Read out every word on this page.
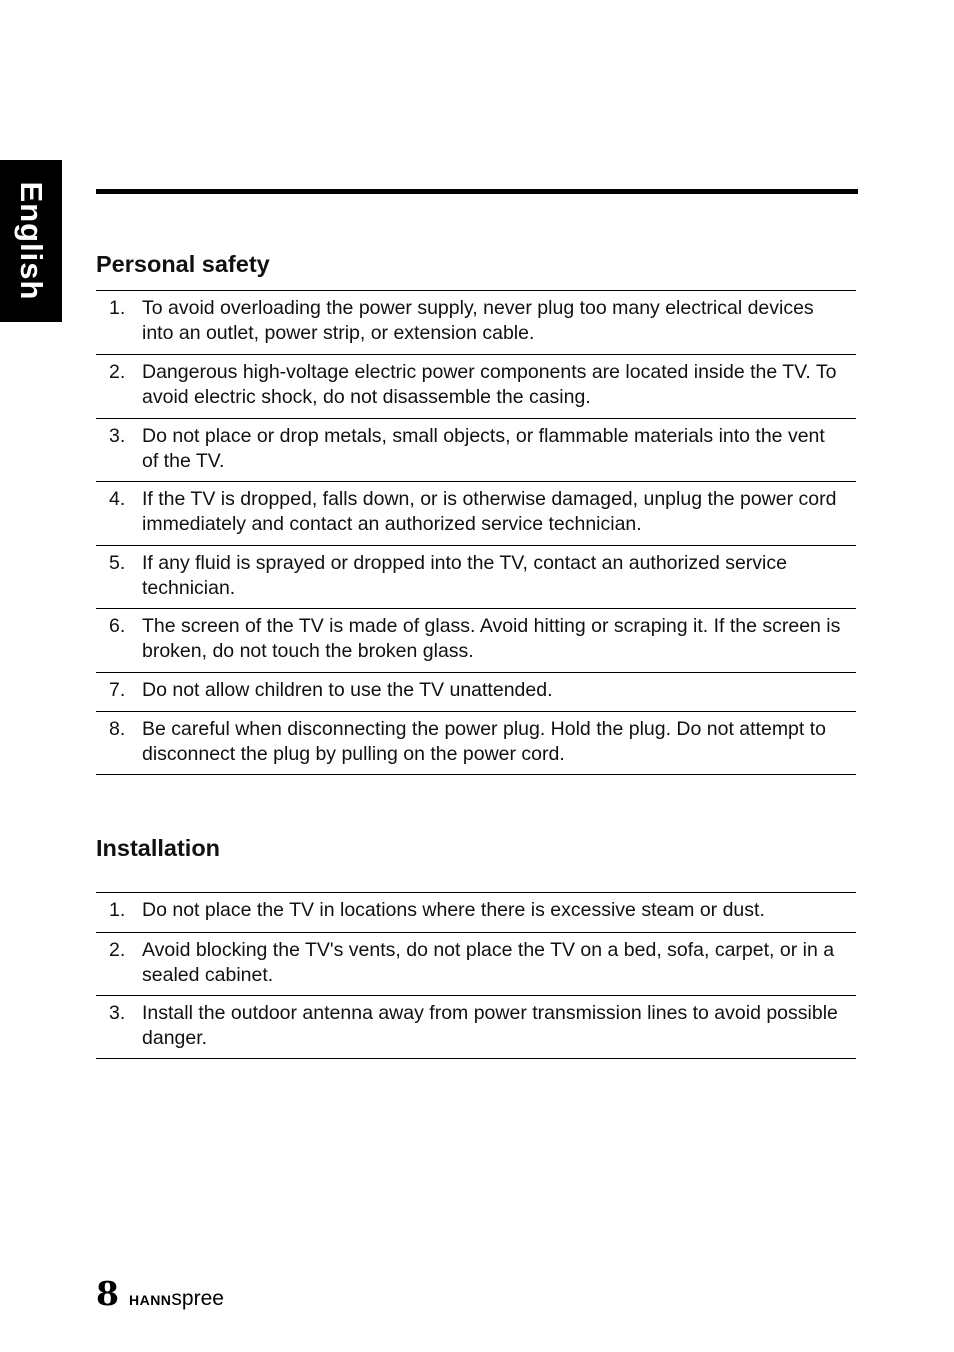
English Personal safety
1. To avoid overloading the power supply, never plug too many electrical devices into an outlet, power strip, or extension cable.
2. Dangerous high-voltage electric power components are located inside the TV. To avoid electric shock, do not disassemble the casing.
3. Do not place or drop metals, small objects, or flammable materials into the vent of the TV.
4. If the TV is dropped, falls down, or is otherwise damaged, unplug the power cord immediately and contact an authorized service technician.
5. If any fluid is sprayed or dropped into the TV, contact an authorized service technician.
6. The screen of the TV is made of glass. Avoid hitting or scraping it. If the screen is broken, do not touch the broken glass.
7. Do not allow children to use the TV unattended.
8. Be careful when disconnecting the power plug. Hold the plug. Do not attempt to disconnect the plug by pulling on the power cord.
Installation
1. Do not place the TV in locations where there is excessive steam or dust.
2. Avoid blocking the TV's vents, do not place the TV on a bed, sofa, carpet, or in a sealed cabinet.
3. Install the outdoor antenna away from power transmission lines to avoid possible danger.
8 HANNspree
